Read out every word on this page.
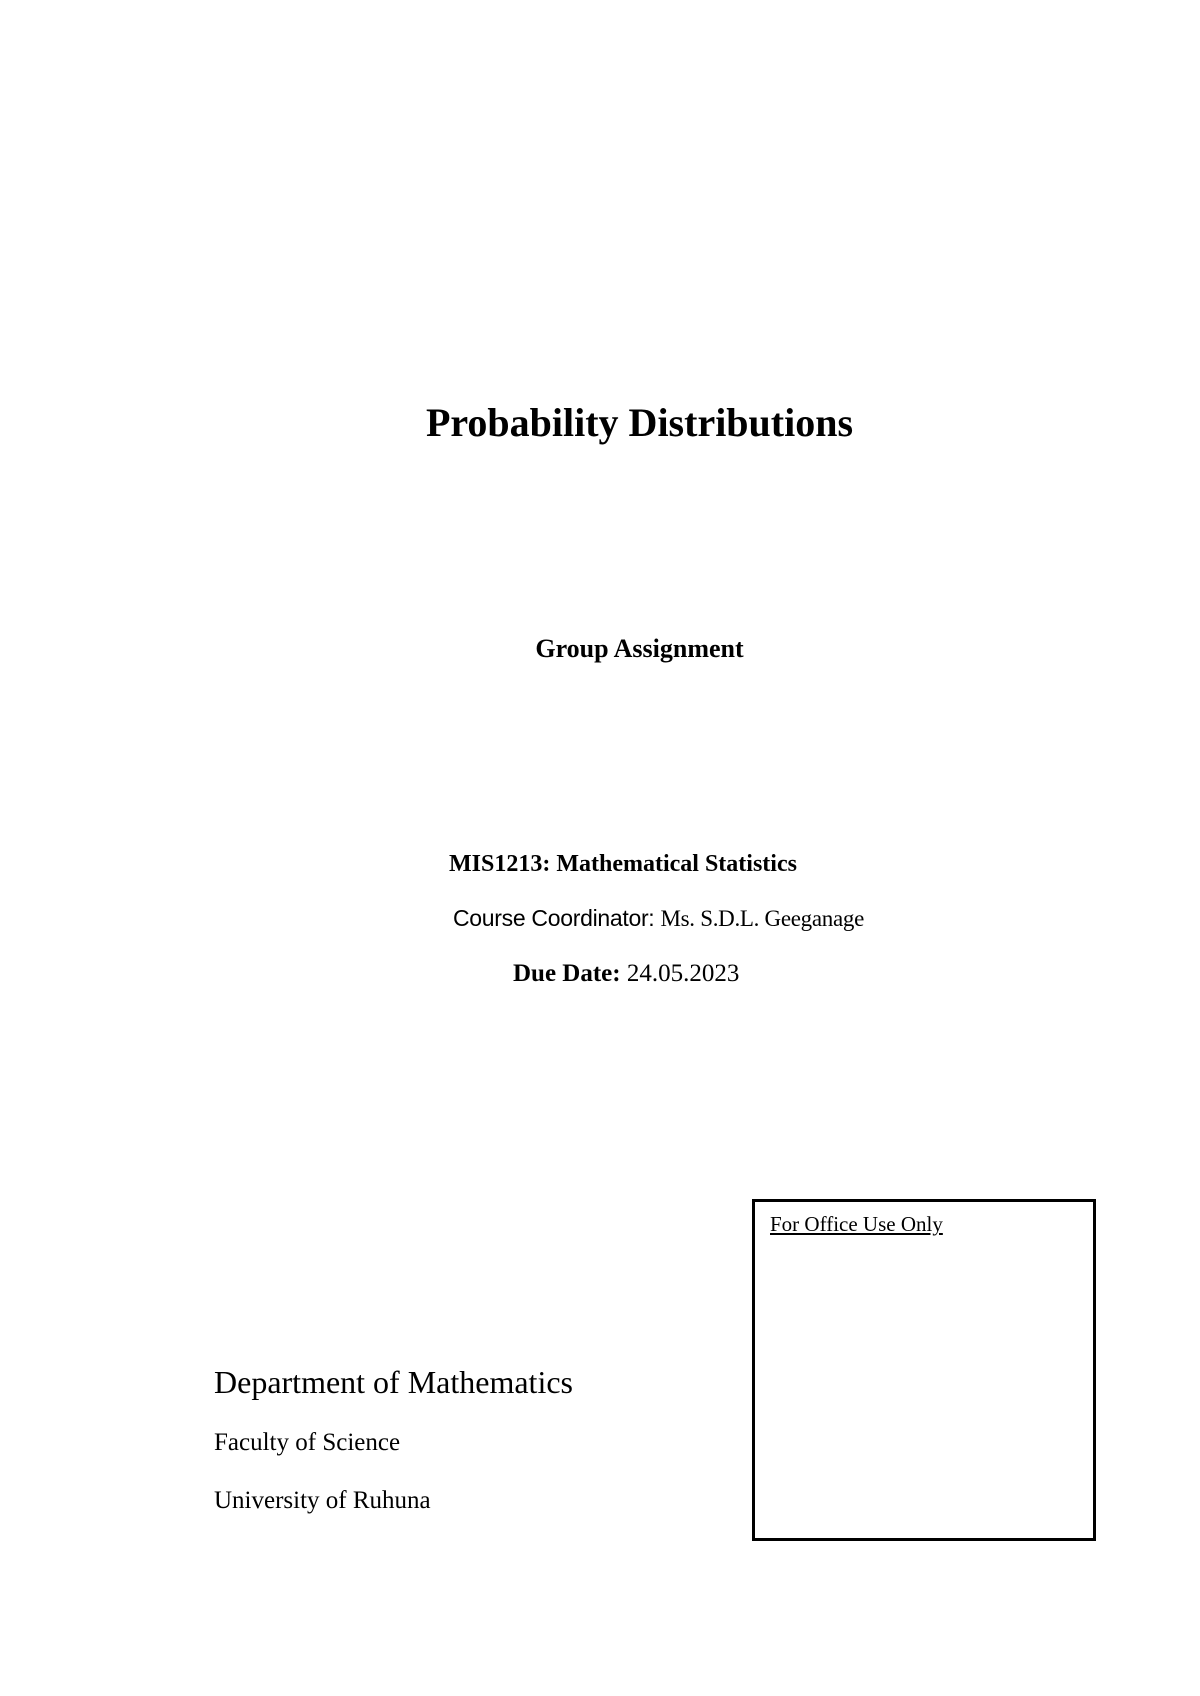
Probability Distributions
Group Assignment
MIS1213: Mathematical Statistics
Course Coordinator: Ms. S.D.L. Geeganage
Due Date: 24.05.2023
Department of Mathematics
Faculty of Science
University of Ruhuna
For Office Use Only
